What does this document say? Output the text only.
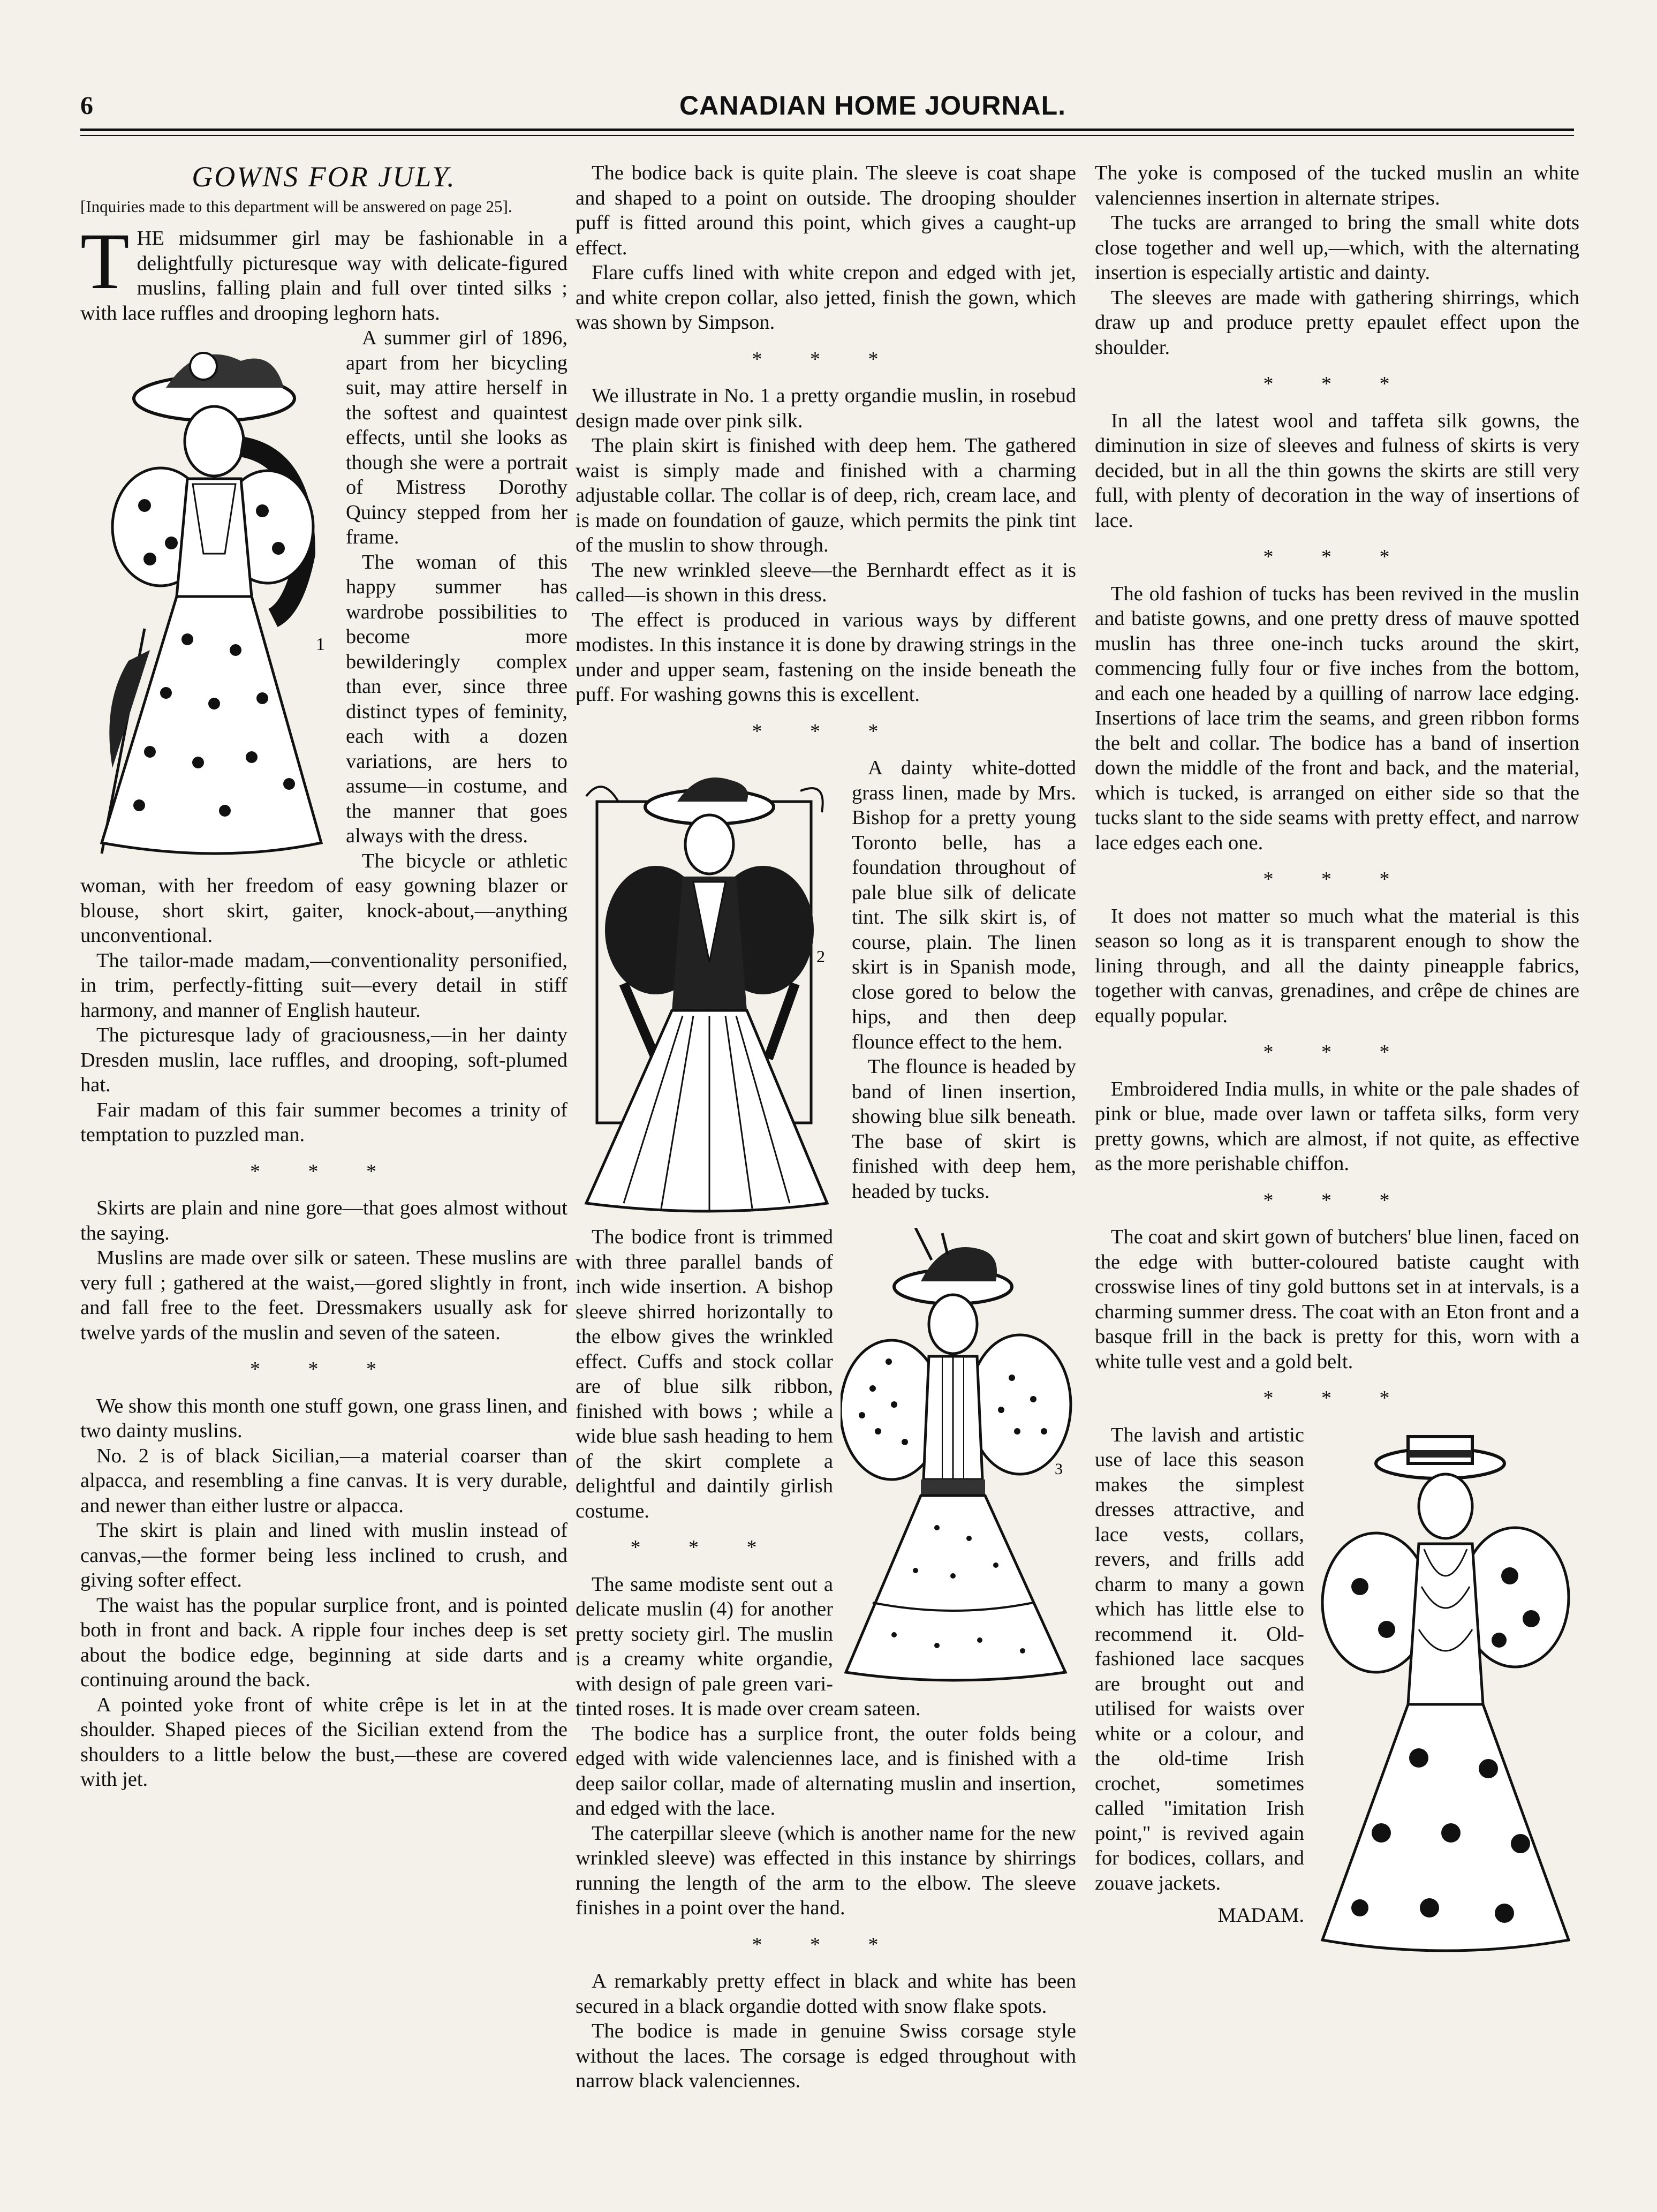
6	CANADIAN HOME JOURNAL.
GOWNS FOR JULY.

[Inquiries made to this department will be answered on page 25].

THE midsummer girl may be fashionable in a delightfully picturesque way with delicate-figured muslins, falling plain and full over tinted silks ; with lace ruffles and drooping leghorn hats.

1

A summer girl of 1896, apart from her bicycling suit, may attire herself in the softest and quaintest effects, until she looks as though she were a portrait of Mistress Dorothy Quincy stepped from her frame.

The woman of this happy summer has wardrobe possibilities to become more bewilderingly complex than ever, since three distinct types of feminity, each with a dozen variations, are hers to assume—in costume, and the manner that goes always with the dress.

The bicycle or athletic woman, with her freedom of easy gowning blazer or blouse, short skirt, gaiter, knock-about,—anything unconventional.

The tailor-made madam,—conventionality personified, in trim, perfectly-fitting suit—every detail in stiff harmony, and manner of English hauteur.

The picturesque lady of graciousness,—in her dainty Dresden muslin, lace ruffles, and drooping, soft-plumed hat.

Fair madam of this fair summer becomes a trinity of temptation to puzzled man.

* * *

Skirts are plain and nine gore—that goes almost without the saying.

Muslins are made over silk or sateen. These muslins are very full ; gathered at the waist,—gored slightly in front, and fall free to the feet. Dressmakers usually ask for twelve yards of the muslin and seven of the sateen.

* * *

We show this month one stuff gown, one grass linen, and two dainty muslins.

No. 2 is of black Sicilian,—a material coarser than alpacca, and resembling a fine canvas. It is very durable, and newer than either lustre or alpacca.

The skirt is plain and lined with muslin instead of canvas,—the former being less inclined to crush, and giving softer effect.

The waist has the popular surplice front, and is pointed both in front and back. A ripple four inches deep is set about the bodice edge, beginning at side darts and continuing around the back.

A pointed yoke front of white crêpe is let in at the shoulder. Shaped pieces of the Sicilian extend from the shoulders to a little below the bust,—these are covered with jet.

The bodice back is quite plain. The sleeve is coat shape and shaped to a point on outside. The drooping shoulder puff is fitted around this point, which gives a caught-up effect.

Flare cuffs lined with white crepon and edged with jet, and white crepon collar, also jetted, finish the gown, which was shown by Simpson.

* * *

We illustrate in No. 1 a pretty organdie muslin, in rosebud design made over pink silk.

The plain skirt is finished with deep hem. The gathered waist is simply made and finished with a charming adjustable collar. The collar is of deep, rich, cream lace, and is made on foundation of gauze, which permits the pink tint of the muslin to show through.

The new wrinkled sleeve—the Bernhardt effect as it is called—is shown in this dress.

The effect is produced in various ways by different modistes. In this instance it is done by drawing strings in the under and upper seam, fastening on the inside beneath the puff. For washing gowns this is excellent.

* * *

2

A dainty white-dotted grass linen, made by Mrs. Bishop for a pretty young Toronto belle, has a foundation throughout of pale blue silk of delicate tint. The silk skirt is, of course, plain. The linen skirt is in Spanish mode, close gored to below the hips, and then deep flounce effect to the hem.

The flounce is headed by band of linen insertion, showing blue silk beneath. The base of skirt is finished with deep hem, headed by tucks.

3

The bodice front is trimmed with three parallel bands of inch wide insertion. A bishop sleeve shirred horizontally to the elbow gives the wrinkled effect. Cuffs and stock collar are of blue silk ribbon, finished with bows ; while a wide blue sash heading to hem of the skirt complete a delightful and daintily girlish costume.

* * *

The same modiste sent out a delicate muslin (4) for another pretty society girl. The muslin is a creamy white organdie, with design of pale green vari-tinted roses. It is made over cream sateen.

The bodice has a surplice front, the outer folds being edged with wide valenciennes lace, and is finished with a deep sailor collar, made of alternating muslin and insertion, and edged with the lace.

The caterpillar sleeve (which is another name for the new wrinkled sleeve) was effected in this instance by shirrings running the length of the arm to the elbow. The sleeve finishes in a point over the hand.

* * *

A remarkably pretty effect in black and white has been secured in a black organdie dotted with snow flake spots.

The bodice is made in genuine Swiss corsage style without the laces. The corsage is edged throughout with narrow black valenciennes.

The yoke is composed of the tucked muslin an white valenciennes insertion in alternate stripes.

The tucks are arranged to bring the small white dots close together and well up,—which, with the alternating insertion is especially artistic and dainty.

The sleeves are made with gathering shirrings, which draw up and produce pretty epaulet effect upon the shoulder.

* * *

In all the latest wool and taffeta silk gowns, the diminution in size of sleeves and fulness of skirts is very decided, but in all the thin gowns the skirts are still very full, with plenty of decoration in the way of insertions of lace.

* * *

The old fashion of tucks has been revived in the muslin and batiste gowns, and one pretty dress of mauve spotted muslin has three one-inch tucks around the skirt, commencing fully four or five inches from the bottom, and each one headed by a quilling of narrow lace edging. Insertions of lace trim the seams, and green ribbon forms the belt and collar. The bodice has a band of insertion down the middle of the front and back, and the material, which is tucked, is arranged on either side so that the tucks slant to the side seams with pretty effect, and narrow lace edges each one.

* * *

It does not matter so much what the material is this season so long as it is transparent enough to show the lining through, and all the dainty pineapple fabrics, together with canvas, grenadines, and crêpe de chines are equally popular.

* * *

Embroidered India mulls, in white or the pale shades of pink or blue, made over lawn or taffeta silks, form very pretty gowns, which are almost, if not quite, as effective as the more perishable chiffon.

* * *

The coat and skirt gown of butchers' blue linen, faced on the edge with butter-coloured batiste caught with crosswise lines of tiny gold buttons set in at intervals, is a charming summer dress. The coat with an Eton front and a basque frill in the back is pretty for this, worn with a white tulle vest and a gold belt.

* * *

The lavish and artistic use of lace this season makes the simplest dresses attractive, and lace vests, collars, revers, and frills add charm to many a gown which has little else to recommend it. Old-fashioned lace sacques are brought out and utilised for waists over white or a colour, and the old-time Irish crochet, sometimes called "imitation Irish point," is revived again for bodices, collars, and zouave jackets.

MADAM.
